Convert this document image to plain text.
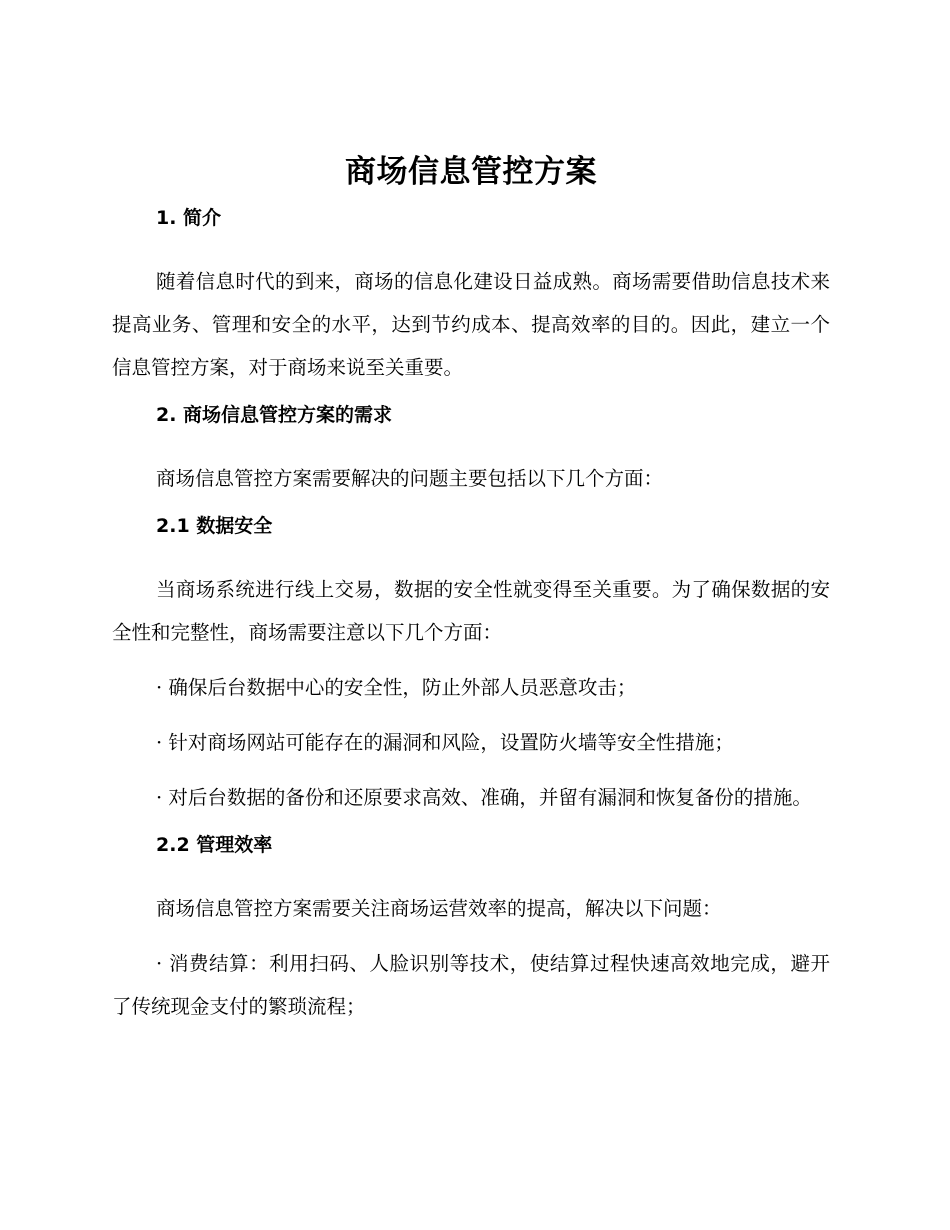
商场信息管控方案
1. 简介

随着信息时代的到来，商场的信息化建设日益成熟。商场需要借助信息技术来提高业务、管理和安全的水平，达到节约成本、提高效率的目的。因此，建立一个信息管控方案，对于商场来说至关重要。

2. 商场信息管控方案的需求

商场信息管控方案需要解决的问题主要包括以下几个方面：

2.1 数据安全

当商场系统进行线上交易，数据的安全性就变得至关重要。为了确保数据的安全性和完整性，商场需要注意以下几个方面：

· 确保后台数据中心的安全性，防止外部人员恶意攻击；

· 针对商场网站可能存在的漏洞和风险，设置防火墙等安全性措施；

· 对后台数据的备份和还原要求高效、准确，并留有漏洞和恢复备份的措施。

2.2 管理效率

商场信息管控方案需要关注商场运营效率的提高，解决以下问题：

· 消费结算：利用扫码、人脸识别等技术，使结算过程快速高效地完成，避开了传统现金支付的繁琐流程；
